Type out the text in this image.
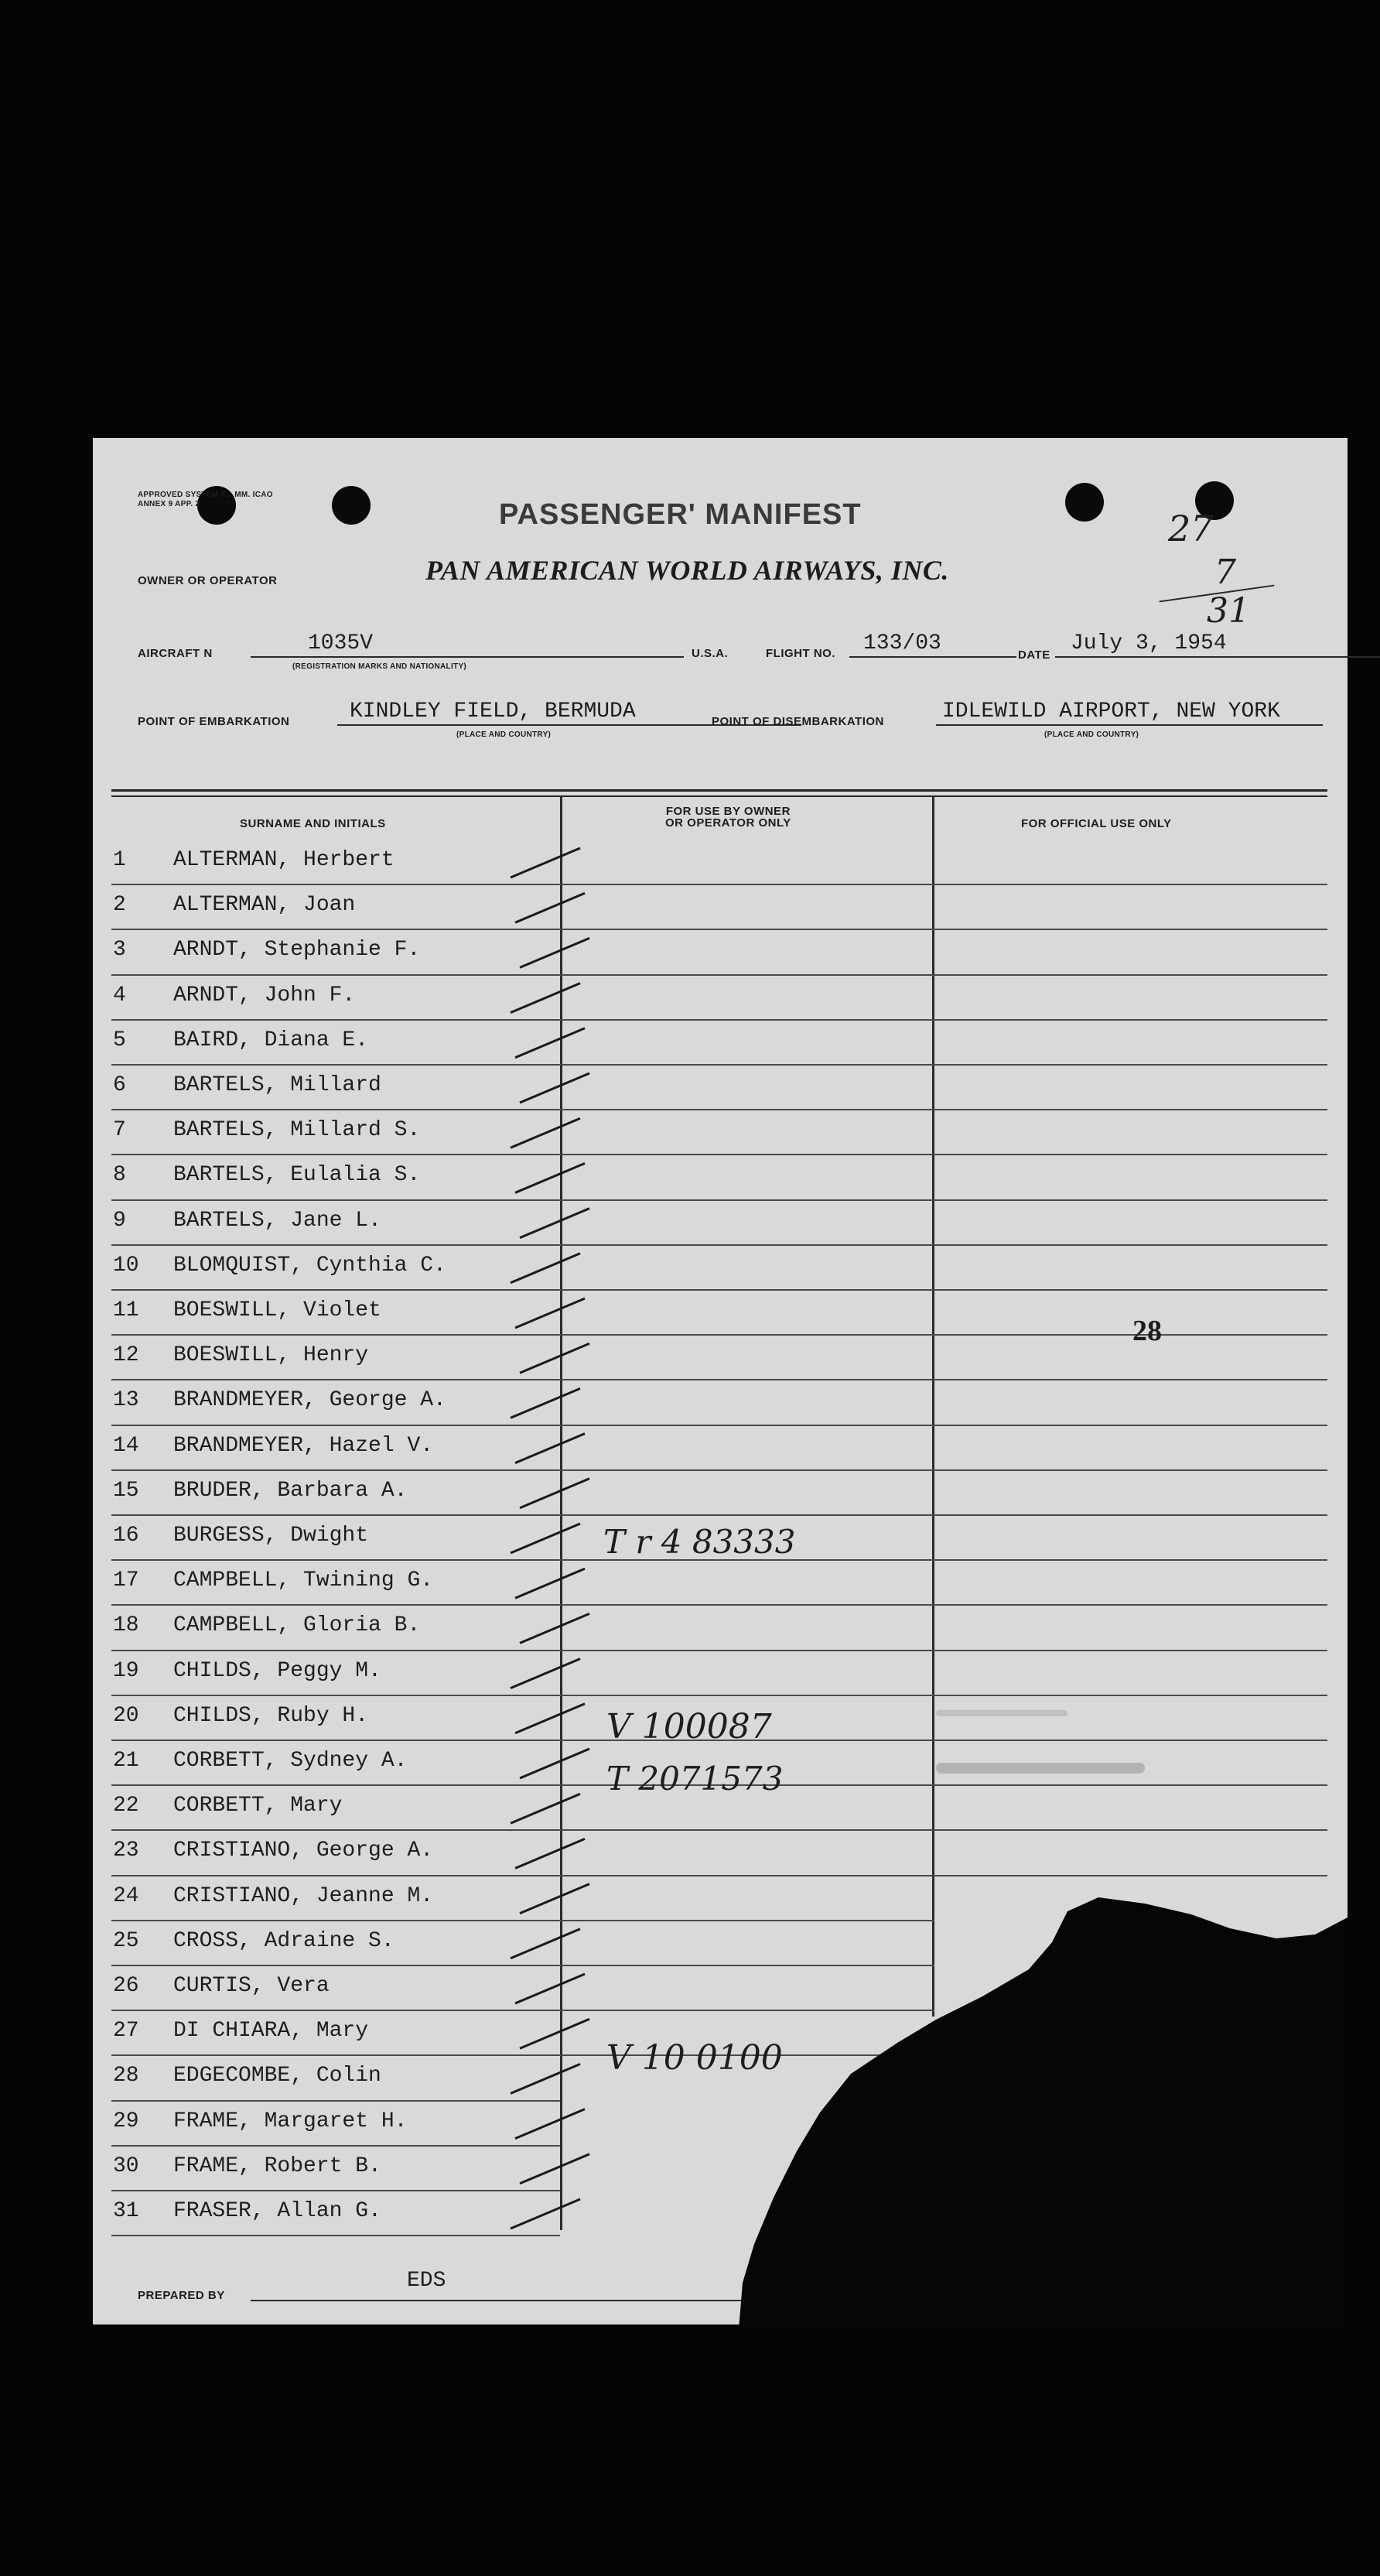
APPROVED SYSTEM F... MM. ICAO ANNEX 9 APP. 2	PASSENGER' MANIFEST
PAN AMERICAN WORLD AIRWAYS, INC.
OWNER OR OPERATOR
27
7
31
AIRCRAFT N	1035V
(REGISTRATION MARKS AND NATIONALITY)
U.S.A.	FLIGHT NO. 133/03	DATE July 3, 1954
POINT OF EMBARKATION	KINDLEY FIELD, BERMUDA
(PLACE AND COUNTRY)
POINT OF DISEMBARKATION	IDLEWILD AIRPORT, NEW YORK
(PLACE AND COUNTRY)
SURNAME AND INITIALS
FOR USE BY OWNER
OR OPERATOR ONLY	FOR OFFICIAL USE ONLY
1	ALTERMAN, Herbert
2	ALTERMAN, Joan
3	ARNDT, Stephanie F.
4	ARNDT, John F.
5	BAIRD, Diana E.
6	BARTELS, Millard
7	BARTELS, Millard S.
8	BARTELS, Eulalia S.
9	BARTELS, Jane L.
10 BLOMQUIST, Cynthia C.
11 BOESWILL, Violet
12 BOESWILL, Henry
13 BRANDMEYER, George A.
14 BRANDMEYER, Hazel V.
15 BRUDER, Barbara A.
16 BURGESS, Dwight
17 CAMPBELL, Twining G.
18 CAMPBELL, Gloria B.
19 CHILDS, Peggy M.
20 CHILDS, Ruby H.
21 CORBETT, Sydney A.
22 CORBETT, Mary
23 CRISTIANO, George A.
24 CRISTIANO, Jeanne M.
25 CROSS, Adraine S.
26 CURTIS, Vera
27 DI CHIARA, Mary
28 EDGECOMBE, Colin
29 FRAME, Margaret H.
30 FRAME, Robert B.
31 FRASER, Allan G.
T r 4 83333
V 100087
T 2071573
V 10 0100
28
PREPARED BY
EDS
